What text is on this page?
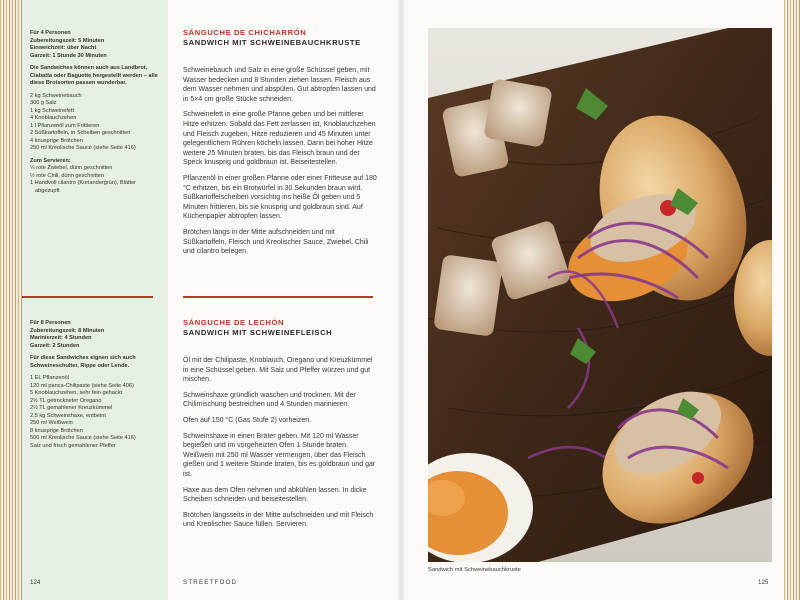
Für 4 Personen
Zubereitungszeit: 5 Minuten
Einweichzeit: über Nacht
Garzeit: 1 Stunde 30 Minuten

Die Sandwiches können auch aus Landbrot, Ciabatta oder Baguette hergestellt werden – alle diese Brotsorten passen wunderbar.

2 kg Schweinebauch
300 g Salz
1 kg Schweinefett
4 Knoblauchzehen
1 l Pflanzenöl zum Frittieren
2 Süßkartoffeln, in Scheiben geschnitten
4 knusprige Brötchen
250 ml Kreolische Sauce (siehe Seite 416)

Zum Servieren:

¼ rote Zwiebel, dünn geschnitten
½ rote Chili, dünn geschnitten
1 Handvoll cilantro (Koriandergrün), Blätter
abgezupft

Für 8 Personen
Zubereitungszeit: 8 Minuten
Marinierzeit: 4 Stunden
Garzeit: 2 Stunden

Für diese Sandwiches eignen sich auch Schweineschulter, Rippe oder Lende.

1 EL Pflanzenöl
120 ml panca-Chilipaste (siehe Seite 406)
5 Knoblauchzehen, sehr fein gehackt
2½ TL getrockneter Oregano
2½ TL gemahlener Kreuzkümmel
2,5 kg Schweinshaxe, entbeint
250 ml Weißwein
8 knusprige Brötchen
500 ml Kreolische Sauce (siehe Seite 416)
Salz und frisch gemahlener Pfeffer
SÁNGUCHE DE CHICHARRÓN
SANDWICH MIT SCHWEINEBAUCHKRUSTE

Schweinebauch und Salz in eine große Schüssel geben, mit Wasser bedecken und 8 Stunden ziehen lassen. Fleisch aus dem Wasser nehmen und abspülen. Gut abtropfen lassen und in 5×4 cm große Stücke schneiden.

Schweinefett in eine große Pfanne geben und bei mittlerer Hitze erhitzen. Sobald das Fett zerlassen ist, Knoblauchzehen und Fleisch zugeben, Hitze reduzieren und 45 Minuten unter gelegentlichem Rühren köcheln lassen. Dann bei hoher Hitze weitere 25 Minuten braten, bis das Fleisch braun und der Speck knusprig und goldbraun ist. Beiseitestellen.

Pflanzenöl in einer großen Pfanne oder einer Fritteuse auf 180 °C erhitzen, bis ein Brotwürfel in 30 Sekunden braun wird. Süßkartoffelscheiben vorsichtig ins heiße Öl geben und 5 Minuten frittieren, bis sie knusprig und goldbraun sind. Auf Küchenpapier abtropfen lassen.

Brötchen längs in der Mitte aufschneiden und mit Süßkartoffeln, Fleisch und Kreolischer Sauce, Zwiebel, Chili und cilantro belegen.

SÁNGUCHE DE LECHÓN
SANDWICH MIT SCHWEINEFLEISCH

Öl mit der Chilipaste, Knoblauch, Oregano und Kreuzkümmel in eine Schüssel geben. Mit Salz und Pfeffer würzen und gut mischen.

Schweinshaxe gründlich waschen und trocknen. Mit der Chilimischung bestreichen und 4 Stunden marinieren.

Ofen auf 150 °C (Gas Stufe 2) vorheizen.

Schweinshaxe in einen Bräter geben. Mit 120 ml Wasser begießen und im vorgeheizten Ofen 1 Stunde braten. Weißwein mit 250 ml Wasser vermengen, über das Fleisch gießen und 1 weitere Stunde braten, bis es goldbraun und gar ist.

Haxe aus dem Ofen nehmen und abkühlen lassen. In dicke Scheiben schneiden und beiseitestellen.

Brötchen längsseits in der Mitte aufschneiden und mit Fleisch und Kreolischer Sauce füllen. Servieren.

Sandwich mit Schweinebauchkruste
124	STREETFOOD	125
